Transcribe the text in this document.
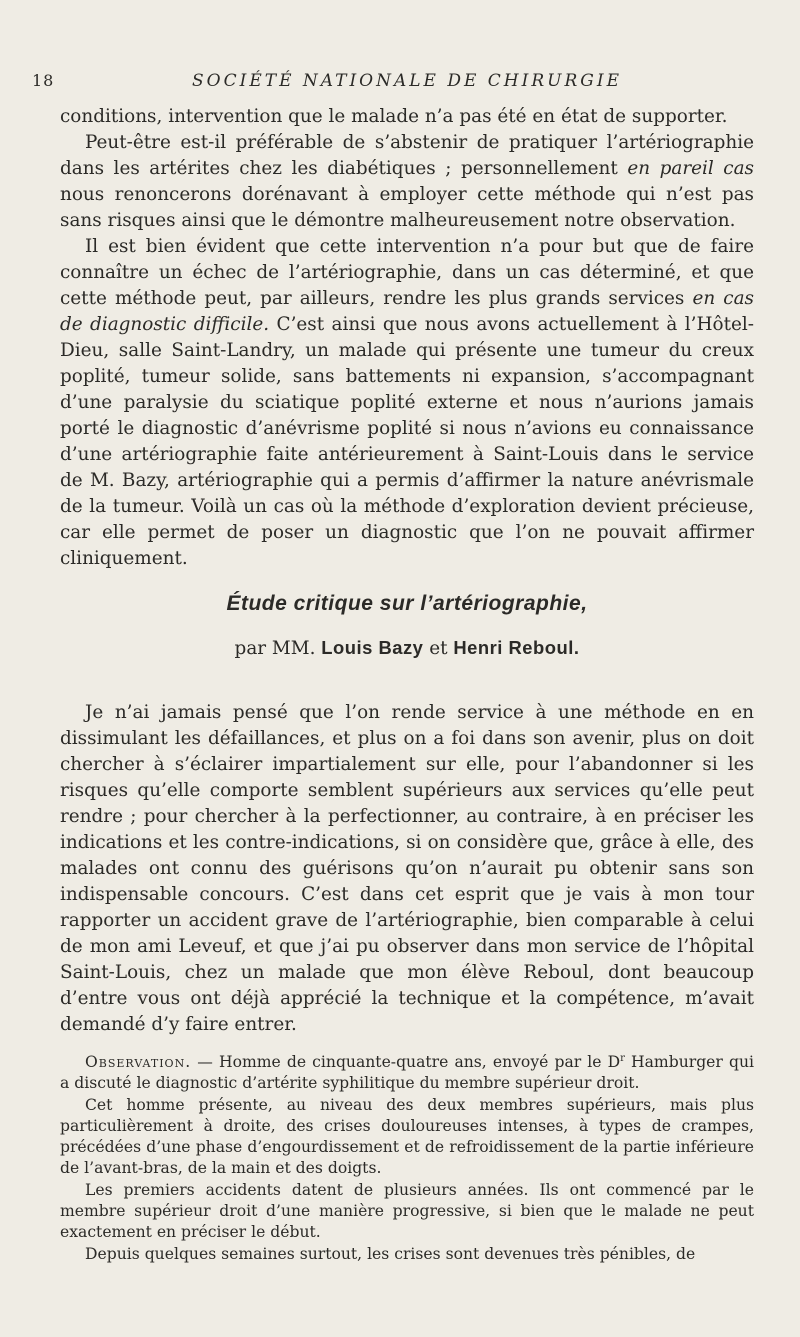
18	SOCIÉTÉ NATIONALE DE CHIRURGIE

conditions, intervention que le malade n’a pas été en état de supporter.

Peut-être est-il préférable de s’abstenir de pratiquer l’artériographie dans les artérites chez les diabétiques ; personnellement en pareil cas nous renoncerons dorénavant à employer cette méthode qui n’est pas sans risques ainsi que le démontre malheureusement notre observation.

Il est bien évident que cette intervention n’a pour but que de faire connaître un échec de l’artériographie, dans un cas déterminé, et que cette méthode peut, par ailleurs, rendre les plus grands services en cas de diagnostic difficile. C’est ainsi que nous avons actuellement à l’Hôtel-Dieu, salle Saint-Landry, un malade qui présente une tumeur du creux poplité, tumeur solide, sans battements ni expansion, s’accompagnant d’une paralysie du sciatique poplité externe et nous n’aurions jamais porté le diagnostic d’anévrisme poplité si nous n’avions eu connaissance d’une artériographie faite antérieurement à Saint-Louis dans le service de M. Bazy, artériographie qui a permis d’affirmer la nature anévrismale de la tumeur. Voilà un cas où la méthode d’exploration devient précieuse, car elle permet de poser un diagnostic que l’on ne pouvait affirmer cliniquement.

Étude critique sur l’artériographie,
par MM. Louis Bazy et Henri Reboul.

Je n’ai jamais pensé que l’on rende service à une méthode en en dissimulant les défaillances, et plus on a foi dans son avenir, plus on doit chercher à s’éclairer impartialement sur elle, pour l’abandonner si les risques qu’elle comporte semblent supérieurs aux services qu’elle peut rendre ; pour chercher à la perfectionner, au contraire, à en préciser les indications et les contre-indications, si on considère que, grâce à elle, des malades ont connu des guérisons qu’on n’aurait pu obtenir sans son indispensable concours. C’est dans cet esprit que je vais à mon tour rapporter un accident grave de l’artériographie, bien comparable à celui de mon ami Leveuf, et que j’ai pu observer dans mon service de l’hôpital Saint-Louis, chez un malade que mon élève Reboul, dont beaucoup d’entre vous ont déjà apprécié la technique et la compétence, m’avait demandé d’y faire entrer.

Observation. — Homme de cinquante-quatre ans, envoyé par le $D^r$ Hamburger qui a discuté le diagnostic d’artérite syphilitique du membre supérieur droit.

Cet homme présente, au niveau des deux membres supérieurs, mais plus particulièrement à droite, des crises douloureuses intenses, à types de crampes, précédées d’une phase d’engourdissement et de refroidissement de la partie inférieure de l’avant-bras, de la main et des doigts.

Les premiers accidents datent de plusieurs années. Ils ont commencé par le membre supérieur droit d’une manière progressive, si bien que le malade ne peut exactement en préciser le début.

Depuis quelques semaines surtout, les crises sont devenues très pénibles, de
